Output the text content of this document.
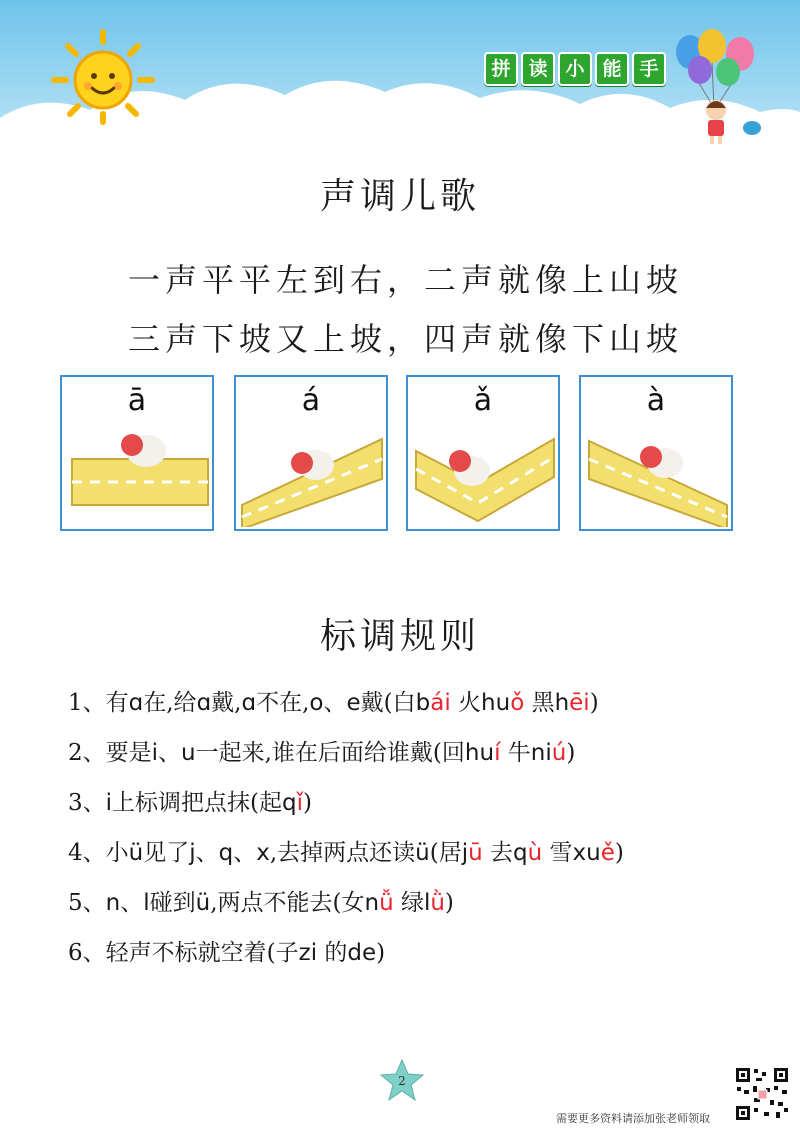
拼 读 小 能 手
声调儿歌
一声平平左到右，二声就像上山坡
三声下坡又上坡，四声就像下山坡
ā	á	ǎ	à
标调规则
1、有ɑ在,给ɑ戴,ɑ不在,o、e戴(白bái 火huǒ 黑hēi)
2、要是i、u一起来,谁在后面给谁戴(回huí 牛niú)
3、i上标调把点抹(起qǐ)
4、小ü见了j、q、x,去掉两点还读ü(居jū 去qù 雪xuě)
5、n、l碰到ü,两点不能去(女nǚ 绿lǜ)
6、轻声不标就空着(子zi 的de)
2
需要更多资料请添加张老师领取
